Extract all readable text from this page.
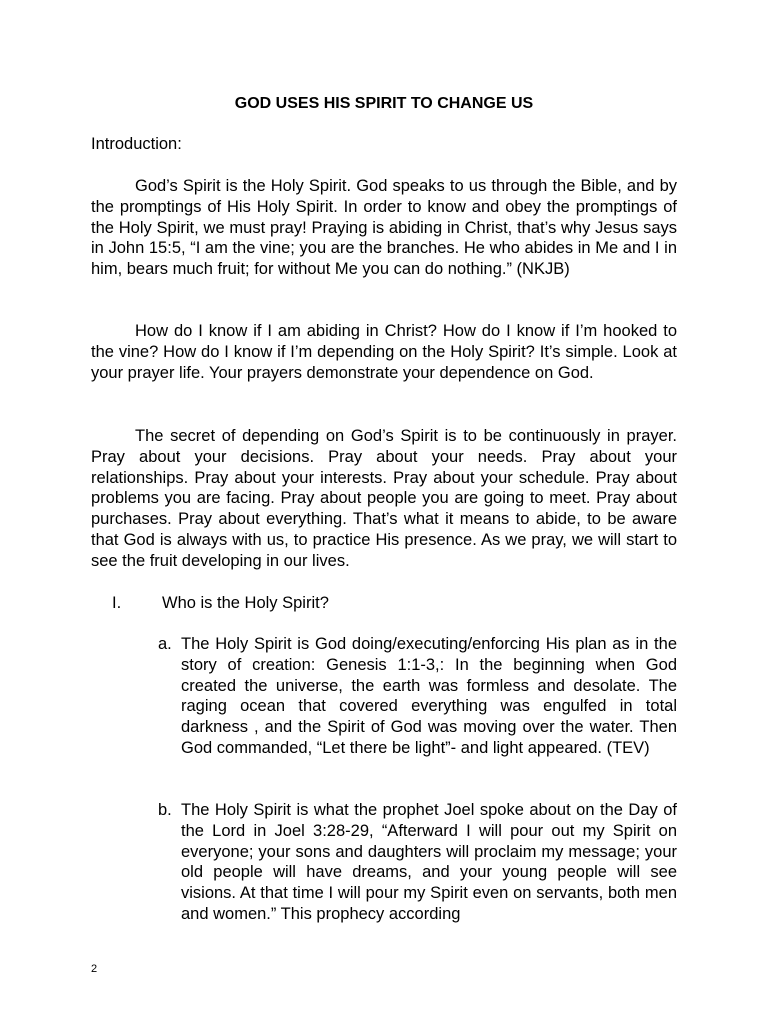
GOD USES HIS SPIRIT TO CHANGE US

Introduction:

God’s Spirit is the Holy Spirit. God speaks to us through the Bible, and by the promptings of His Holy Spirit. In order to know and obey the promptings of the Holy Spirit, we must pray! Praying is abiding in Christ, that’s why Jesus says in John 15:5, “I am the vine; you are the branches. He who abides in Me and I in him, bears much fruit; for without Me you can do nothing.” (NKJB)

How do I know if I am abiding in Christ? How do I know if I’m hooked to the vine? How do I know if I’m depending on the Holy Spirit? It’s simple. Look at your prayer life. Your prayers demonstrate your dependence on God.

The secret of depending on God’s Spirit is to be continuously in prayer. Pray about your decisions. Pray about your needs. Pray about your relationships. Pray about your interests. Pray about your schedule. Pray about problems you are facing. Pray about people you are going to meet. Pray about purchases. Pray about everything. That’s what it means to abide, to be aware that God is always with us, to practice His presence. As we pray, we will start to see the fruit developing in our lives.

I. Who is the Holy Spirit?

a. The Holy Spirit is God doing/executing/enforcing His plan as in the story of creation: Genesis 1:1-3,: In the beginning when God created the universe, the earth was formless and desolate. The raging ocean that covered everything was engulfed in total darkness , and the Spirit of God was moving over the water. Then God commanded, “Let there be light”- and light appeared. (TEV)
b. The Holy Spirit is what the prophet Joel spoke about on the Day of the Lord in Joel 3:28-29, “Afterward I will pour out my Spirit on everyone; your sons and daughters will proclaim my message; your old people will have dreams, and your young people will see visions. At that time I will pour my Spirit even on servants, both men and women.” This prophecy according

2
